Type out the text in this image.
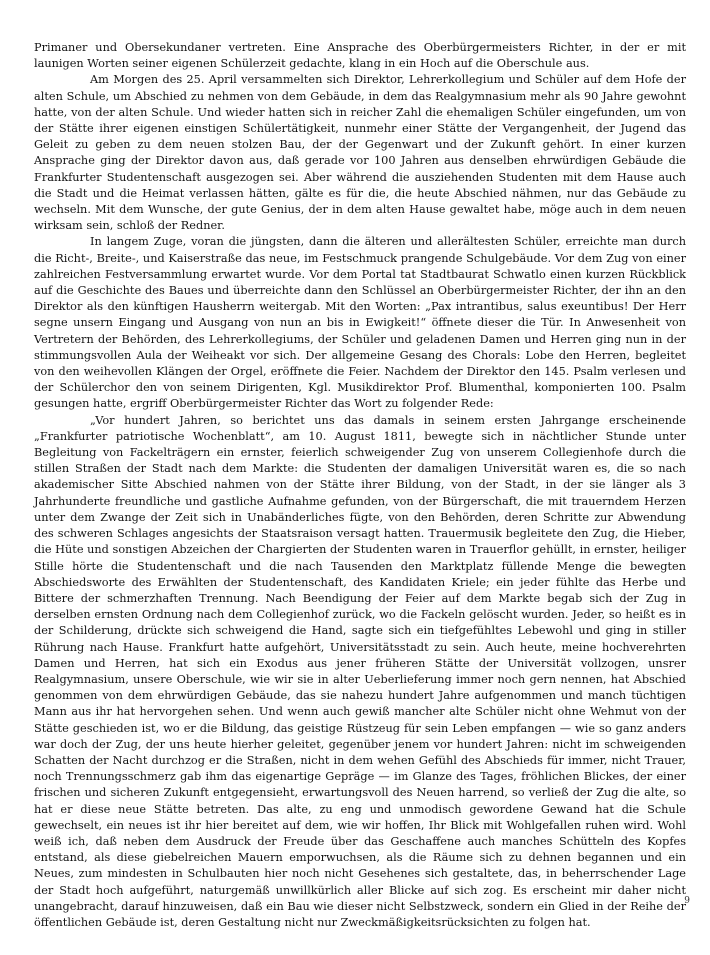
Primaner und Obersekundaner vertreten. Eine Ansprache des Oberbürgermeisters Richter, in der er mit launigen Worten seiner eigenen Schülerzeit gedachte, klang in ein Hoch auf die Oberschule aus.

Am Morgen des 25. April versammelten sich Direktor, Lehrerkollegium und Schüler auf dem Hofe der alten Schule, um Abschied zu nehmen von dem Gebäude, in dem das Realgymnasium mehr als 90 Jahre gewohnt hatte, von der alten Schule. Und wieder hatten sich in reicher Zahl die ehemaligen Schüler eingefunden, um von der Stätte ihrer eigenen einstigen Schülertätigkeit, nunmehr einer Stätte der Vergangenheit, der Jugend das Geleit zu geben zu dem neuen stolzen Bau, der der Gegenwart und der Zukunft gehört. In einer kurzen Ansprache ging der Direktor davon aus, daß gerade vor 100 Jahren aus denselben ehrwürdigen Gebäude die Frankfurter Studentenschaft ausgezogen sei. Aber während die ausziehenden Studenten mit dem Hause auch die Stadt und die Heimat verlassen hätten, gälte es für die, die heute Abschied nähmen, nur das Gebäude zu wechseln. Mit dem Wunsche, der gute Genius, der in dem alten Hause gewaltet habe, möge auch in dem neuen wirksam sein, schloß der Redner.

In langem Zuge, voran die jüngsten, dann die älteren und allerältesten Schüler, erreichte man durch die Richt-, Breite-, und Kaiserstraße das neue, im Festschmuck prangende Schulgebäude. Vor dem Zug von einer zahlreichen Festversammlung erwartet wurde. Vor dem Portal tat Stadtbaurat Schwatlo einen kurzen Rückblick auf die Geschichte des Baues und überreichte dann den Schlüssel an Oberbürgermeister Richter, der ihn an den Direktor als den künftigen Hausherrn weitergab. Mit den Worten: „Pax intrantibus, salus exeuntibus! Der Herr segne unsern Eingang und Ausgang von nun an bis in Ewigkeit!“ öffnete dieser die Tür. In Anwesenheit von Vertretern der Behörden, des Lehrerkollegiums, der Schüler und geladenen Damen und Herren ging nun in der stimmungsvollen Aula der Weiheakt vor sich. Der allgemeine Gesang des Chorals: Lobe den Herren, begleitet von den weihevollen Klängen der Orgel, eröffnete die Feier. Nachdem der Direktor den 145. Psalm verlesen und der Schülerchor den von seinem Dirigenten, Kgl. Musikdirektor Prof. Blumenthal, komponierten 100. Psalm gesungen hatte, ergriff Oberbürgermeister Richter das Wort zu folgender Rede:

„Vor hundert Jahren, so berichtet uns das damals in seinem ersten Jahrgange erscheinende „Frankfurter patriotische Wochenblatt“, am 10. August 1811, bewegte sich in nächtlicher Stunde unter Begleitung von Fackelträgern ein ernster, feierlich schweigender Zug von unserem Collegienhofe durch die stillen Straßen der Stadt nach dem Markte: die Studenten der damaligen Universität waren es, die so nach akademischer Sitte Abschied nahmen von der Stätte ihrer Bildung, von der Stadt, in der sie länger als 3 Jahrhunderte freundliche und gastliche Aufnahme gefunden, von der Bürgerschaft, die mit trauerndem Herzen unter dem Zwange der Zeit sich in Unabänderliches fügte, von den Behörden, deren Schritte zur Abwendung des schweren Schlages angesichts der Staatsraison versagt hatten. Trauermusik begleitete den Zug, die Hieber, die Hüte und sonstigen Abzeichen der Chargierten der Studenten waren in Trauerflor gehüllt, in ernster, heiliger Stille hörte die Studentenschaft und die nach Tausenden den Marktplatz füllende Menge die bewegten Abschiedsworte des Erwählten der Studentenschaft, des Kandidaten Kriele; ein jeder fühlte das Herbe und Bittere der schmerzhaften Trennung. Nach Beendigung der Feier auf dem Markte begab sich der Zug in derselben ernsten Ordnung nach dem Collegienhof zurück, wo die Fackeln gelöscht wurden. Jeder, so heißt es in der Schilderung, drückte sich schweigend die Hand, sagte sich ein tiefgefühltes Lebewohl und ging in stiller Rührung nach Hause. Frankfurt hatte aufgehört, Universitätsstadt zu sein. Auch heute, meine hochverehrten Damen und Herren, hat sich ein Exodus aus jener früheren Stätte der Universität vollzogen, unsrer Realgymnasium, unsere Oberschule, wie wir sie in alter Ueberlieferung immer noch gern nennen, hat Abschied genommen von dem ehrwürdigen Gebäude, das sie nahezu hundert Jahre aufgenommen und manch tüchtigen Mann aus ihr hat hervorgehen sehen. Und wenn auch gewiß mancher alte Schüler nicht ohne Wehmut von der Stätte geschieden ist, wo er die Bildung, das geistige Rüstzeug für sein Leben empfangen — wie so ganz anders war doch der Zug, der uns heute hierher geleitet, gegenüber jenem vor hundert Jahren: nicht im schweigenden Schatten der Nacht durchzog er die Straßen, nicht in dem wehen Gefühl des Abschieds für immer, nicht Trauer, noch Trennungsschmerz gab ihm das eigenartige Gepräge — im Glanze des Tages, fröhlichen Blickes, der einer frischen und sicheren Zukunft entgegensieht, erwartungsvoll des Neuen harrend, so verließ der Zug die alte, so hat er diese neue Stätte betreten. Das alte, zu eng und unmodisch gewordene Gewand hat die Schule gewechselt, ein neues ist ihr hier bereitet auf dem, wie wir hoffen, Ihr Blick mit Wohlgefallen ruhen wird. Wohl weiß ich, daß neben dem Ausdruck der Freude über das Geschaffene auch manches Schütteln des Kopfes entstand, als diese giebelreichen Mauern emporwuchsen, als die Räume sich zu dehnen begannen und ein Neues, zum mindesten in Schulbauten hier noch nicht Gesehenes sich gestaltete, das, in beherrschender Lage der Stadt hoch aufgeführt, naturgemäß unwillkürlich aller Blicke auf sich zog. Es erscheint mir daher nicht unangebracht, darauf hinzuweisen, daß ein Bau wie dieser nicht Selbstzweck, sondern ein Glied in der Reihe der öffentlichen Gebäude ist, deren Gestaltung nicht nur Zweckmäßigkeitsrücksichten zu folgen hat.

9
